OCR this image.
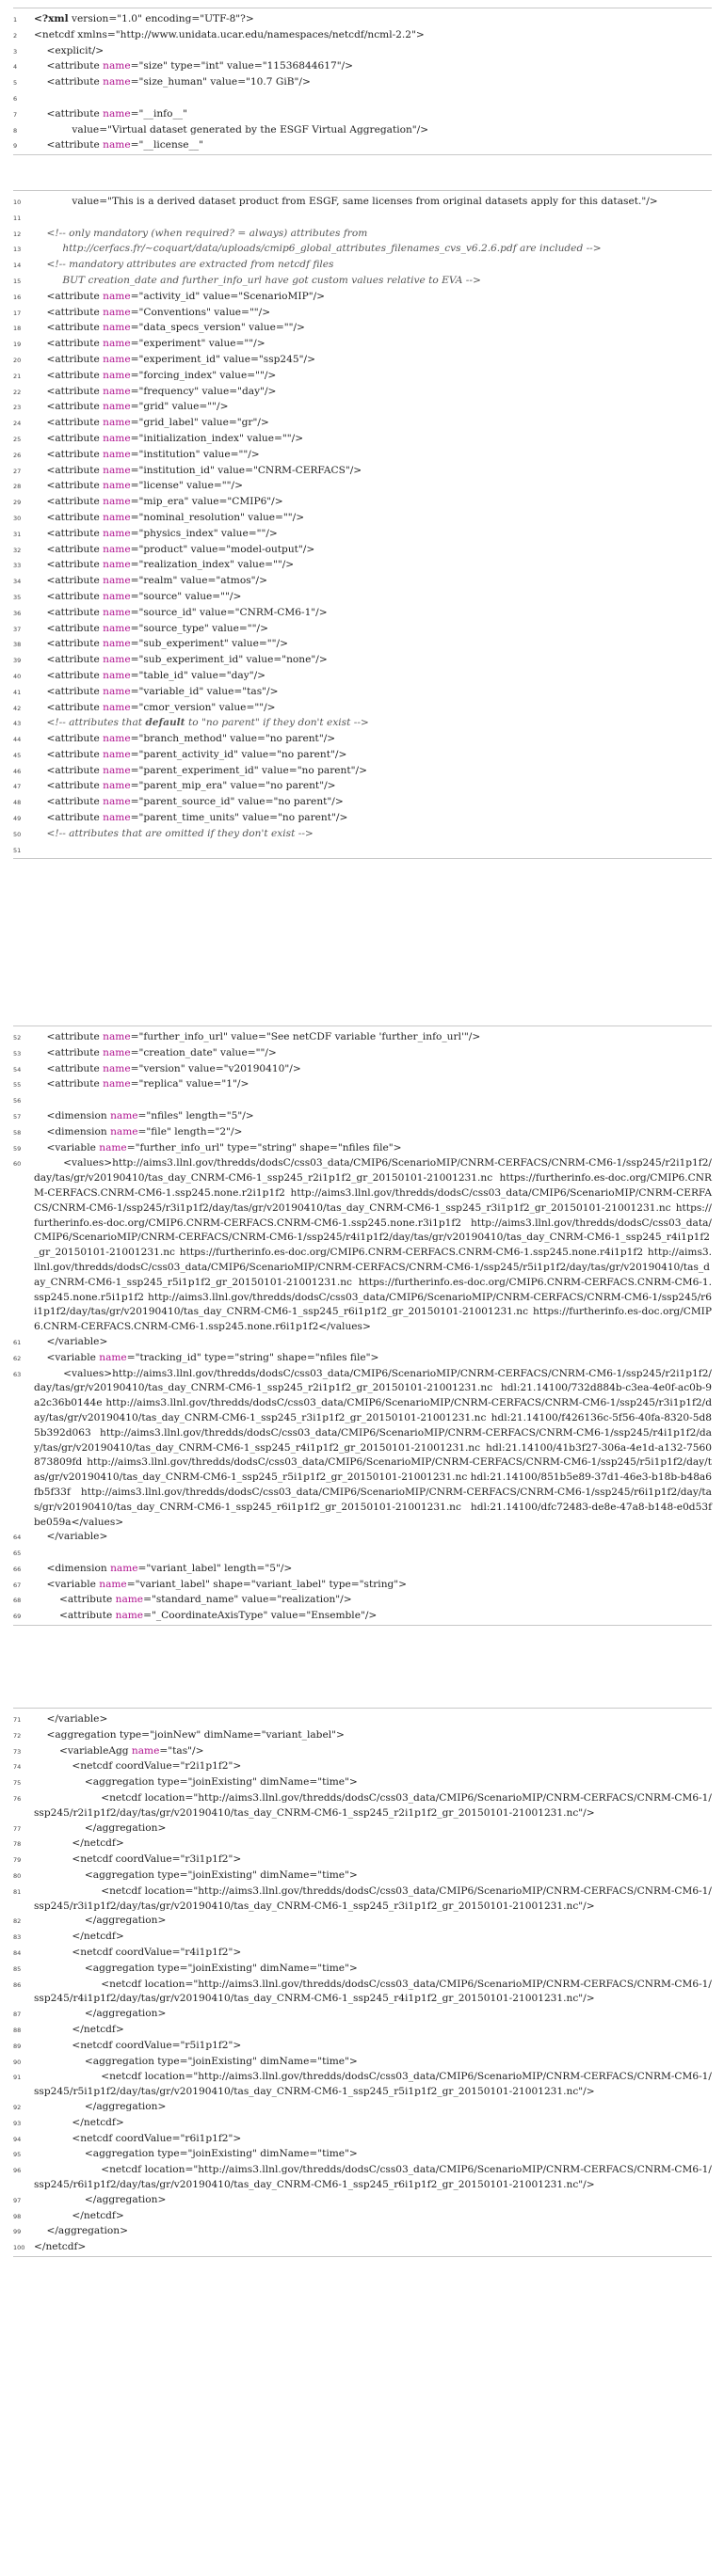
1	<?xml version="1.0" encoding="UTF-8"?>
2	<netcdf xmlns="http://www.unidata.ucar.edu/namespaces/netcdf/ncml-2.2">
3	<explicit/>
4	<attribute name="size" type="int" value="11536844617"/>
5	<attribute name="size_human" value="10.7 GiB"/>
6
7	<attribute name="__info__"
8	value="Virtual dataset generated by the ESGF Virtual Aggregation"/>
9	<attribute name="__license__"
10	value="This is a derived dataset product from ESGF, same licenses from original datasets apply for this dataset."/>
11
12	<!-- only mandatory (when required? = always) attributes from
13	http://cerfacs.fr/~coquart/data/uploads/cmip6_global_attributes_filenames_cvs_v6.2.6.pdf are included -->
14	<!-- mandatory attributes are extracted from netcdf files
15	BUT creation_date and further_info_url have got custom values relative to EVA -->
16	<attribute name="activity_id" value="ScenarioMIP"/>
17	<attribute name="Conventions" value=""/>
18	<attribute name="data_specs_version" value=""/>
19	<attribute name="experiment" value=""/>
20	<attribute name="experiment_id" value="ssp245"/>
21	<attribute name="forcing_index" value=""/>
22	<attribute name="frequency" value="day"/>
23	<attribute name="grid" value=""/>
24	<attribute name="grid_label" value="gr"/>
25	<attribute name="initialization_index" value=""/>
26	<attribute name="institution" value=""/>
27	<attribute name="institution_id" value="CNRM-CERFACS"/>
28	<attribute name="license" value=""/>
29	<attribute name="mip_era" value="CMIP6"/>
30	<attribute name="nominal_resolution" value=""/>
31	<attribute name="physics_index" value=""/>
32	<attribute name="product" value="model-output"/>
33	<attribute name="realization_index" value=""/>
34	<attribute name="realm" value="atmos"/>
35	<attribute name="source" value=""/>
36	<attribute name="source_id" value="CNRM-CM6-1"/>
37	<attribute name="source_type" value=""/>
38	<attribute name="sub_experiment" value=""/>
39	<attribute name="sub_experiment_id" value="none"/>
40	<attribute name="table_id" value="day"/>
41	<attribute name="variable_id" value="tas"/>
42	<attribute name="cmor_version" value=""/>
43	<!-- attributes that default to "no parent" if they don't exist -->
44	<attribute name="branch_method" value="no parent"/>
45	<attribute name="parent_activity_id" value="no parent"/>
46	<attribute name="parent_experiment_id" value="no parent"/>
47	<attribute name="parent_mip_era" value="no parent"/>
48	<attribute name="parent_source_id" value="no parent"/>
49	<attribute name="parent_time_units" value="no parent"/>
50	<!-- attributes that are omitted if they don't exist -->
51
52	<attribute name="further_info_url" value="See netCDF variable 'further_info_url'"/>
53	<attribute name="creation_date" value=""/>
54	<attribute name="version" value="v20190410"/>
55	<attribute name="replica" value="1"/>
56
57	<dimension name="nfiles" length="5"/>
58	<dimension name="file" length="2"/>
59	<variable name="further_info_url" type="string" shape="nfiles file">
60	<values>http://aims3.llnl.gov/thredds/dodsC/css03_data/CMIP6/ScenarioMIP/CNRM-CERFACS/CNRM-CM6-1/ssp245/r2i1p1f2/day/tas/gr/v20190410/tas_day_CNRM-CM6-1_ssp245_r2i1p1f2_gr_20150101-21001231.nc https://furtherinfo.es-doc.org/CMIP6.CNRM-CERFACS.CNRM-CM6-1.ssp245.none.r2i1p1f2 http://aims3.llnl.gov/thredds/dodsC/css03_data/CMIP6/ScenarioMIP/CNRM-CERFACS/CNRM-CM6-1/ssp245/r3i1p1f2/day/tas/gr/v20190410/tas_day_CNRM-CM6-1_ssp245_r3i1p1f2_gr_20150101-21001231.nc https://furtherinfo.es-doc.org/CMIP6.CNRM-CERFACS.CNRM-CM6-1.ssp245.none.r3i1p1f2 http://aims3.llnl.gov/thredds/dodsC/css03_data/CMIP6/ScenarioMIP/CNRM-CERFACS/CNRM-CM6-1/ssp245/r4i1p1f2/day/tas/gr/v20190410/tas_day_CNRM-CM6-1_ssp245_r4i1p1f2_gr_20150101-21001231.nc https://furtherinfo.es-doc.org/CMIP6.CNRM-CERFACS.CNRM-CM6-1.ssp245.none.r4i1p1f2 http://aims3.llnl.gov/thredds/dodsC/css03_data/CMIP6/ScenarioMIP/CNRM-CERFACS/CNRM-CM6-1/ssp245/r5i1p1f2/day/tas/gr/v20190410/tas_day_CNRM-CM6-1_ssp245_r5i1p1f2_gr_20150101-21001231.nc https://furtherinfo.es-doc.org/CMIP6.CNRM-CERFACS.CNRM-CM6-1.ssp245.none.r5i1p1f2 http://aims3.llnl.gov/thredds/dodsC/css03_data/CMIP6/ScenarioMIP/CNRM-CERFACS/CNRM-CM6-1/ssp245/r6i1p1f2/day/tas/gr/v20190410/tas_day_CNRM-CM6-1_ssp245_r6i1p1f2_gr_20150101-21001231.nc https://furtherinfo.es-doc.org/CMIP6.CNRM-CERFACS.CNRM-CM6-1.ssp245.none.r6i1p1f2</values>
61	</variable>
62	<variable name="tracking_id" type="string" shape="nfiles file">
63	<values>http://aims3.llnl.gov/thredds/dodsC/css03_data/CMIP6/ScenarioMIP/CNRM-CERFACS/CNRM-CM6-1/ssp245/r2i1p1f2/day/tas/gr/v20190410/tas_day_CNRM-CM6-1_ssp245_r2i1p1f2_gr_20150101-21001231.nc hdl:21.14100/732d884b-c3ea-4e0f-ac0b-9a2c36b0144e http://aims3.llnl.gov/thredds/dodsC/css03_data/CMIP6/ScenarioMIP/CNRM-CERFACS/CNRM-CM6-1/ssp245/r3i1p1f2/day/tas/gr/v20190410/tas_day_CNRM-CM6-1_ssp245_r3i1p1f2_gr_20150101-21001231.nc hdl:21.14100/f426136c-5f56-40fa-8320-5d85b392d063 http://aims3.llnl.gov/thredds/dodsC/css03_data/CMIP6/ScenarioMIP/CNRM-CERFACS/CNRM-CM6-1/ssp245/r4i1p1f2/day/tas/gr/v20190410/tas_day_CNRM-CM6-1_ssp245_r4i1p1f2_gr_20150101-21001231.nc hdl:21.14100/41b3f27-306a-4e1d-a132-7560873809fd http://aims3.llnl.gov/thredds/dodsC/css03_data/CMIP6/ScenarioMIP/CNRM-CERFACS/CNRM-CM6-1/ssp245/r5i1p1f2/day/tas/gr/v20190410/tas_day_CNRM-CM6-1_ssp245_r5i1p1f2_gr_20150101-21001231.nc hdl:21.14100/851b5e89-37d1-46e3-b18b-b48a6fb5f33f http://aims3.llnl.gov/thredds/dodsC/css03_data/CMIP6/ScenarioMIP/CNRM-CERFACS/CNRM-CM6-1/ssp245/r6i1p1f2/day/tas/gr/v20190410/tas_day_CNRM-CM6-1_ssp245_r6i1p1f2_gr_20150101-21001231.nc hdl:21.14100/dfc72483-de8e-47a8-b148-e0d53fbe059a</values>
64	</variable>
65
66	<dimension name="variant_label" length="5"/>
67	<variable name="variant_label" shape="variant_label" type="string">
68	<attribute name="standard_name" value="realization"/>
69	<attribute name="_CoordinateAxisType" value="Ensemble"/>
71	</variable>
72	<aggregation type="joinNew" dimName="variant_label">
73	<variableAgg name="tas"/>
74	<netcdf coordValue="r2i1p1f2">
75	<aggregation type="joinExisting" dimName="time">
76	<netcdf location="http://aims3.llnl.gov/thredds/dodsC/css03_data/CMIP6/ScenarioMIP/CNRM-CERFACS/CNRM-CM6-1/ssp245/r2i1p1f2/day/tas/gr/v20190410/tas_day_CNRM-CM6-1_ssp245_r2i1p1f2_gr_20150101-21001231.nc"/>
77	</aggregation>
78	</netcdf>
79	<netcdf coordValue="r3i1p1f2">
80	<aggregation type="joinExisting" dimName="time">
81	<netcdf location="http://aims3.llnl.gov/thredds/dodsC/css03_data/CMIP6/ScenarioMIP/CNRM-CERFACS/CNRM-CM6-1/ssp245/r3i1p1f2/day/tas/gr/v20190410/tas_day_CNRM-CM6-1_ssp245_r3i1p1f2_gr_20150101-21001231.nc"/>
82	</aggregation>
83	</netcdf>
84	<netcdf coordValue="r4i1p1f2">
85	<aggregation type="joinExisting" dimName="time">
86	<netcdf location="http://aims3.llnl.gov/thredds/dodsC/css03_data/CMIP6/ScenarioMIP/CNRM-CERFACS/CNRM-CM6-1/ssp245/r4i1p1f2/day/tas/gr/v20190410/tas_day_CNRM-CM6-1_ssp245_r4i1p1f2_gr_20150101-21001231.nc"/>
87	</aggregation>
88	</netcdf>
89	<netcdf coordValue="r5i1p1f2">
90	<aggregation type="joinExisting" dimName="time">
91	<netcdf location="http://aims3.llnl.gov/thredds/dodsC/css03_data/CMIP6/ScenarioMIP/CNRM-CERFACS/CNRM-CM6-1/ssp245/r5i1p1f2/day/tas/gr/v20190410/tas_day_CNRM-CM6-1_ssp245_r5i1p1f2_gr_20150101-21001231.nc"/>
92	</aggregation>
93	</netcdf>
94	<netcdf coordValue="r6i1p1f2">
95	<aggregation type="joinExisting" dimName="time">
96	<netcdf location="http://aims3.llnl.gov/thredds/dodsC/css03_data/CMIP6/ScenarioMIP/CNRM-CERFACS/CNRM-CM6-1/ssp245/r6i1p1f2/day/tas/gr/v20190410/tas_day_CNRM-CM6-1_ssp245_r6i1p1f2_gr_20150101-21001231.nc"/>
97	</aggregation>
98	</netcdf>
99	</aggregation>
100 </netcdf>
